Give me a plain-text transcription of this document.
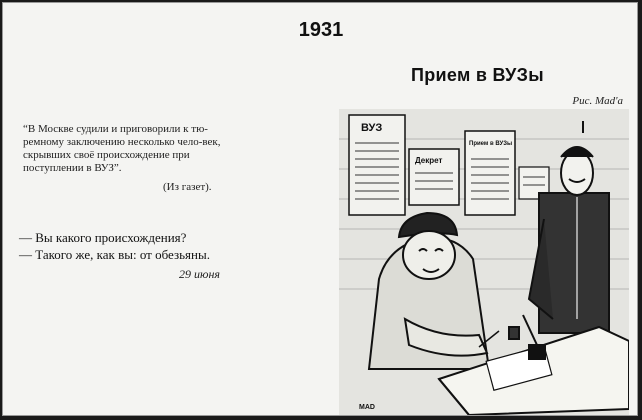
1931
Прием в ВУЗы
Рис. Mad'a

“В Москве судили и приговорили к тю-ремному заключению несколько чело-век, скрывших своё происхождение при поступлении в ВУЗ”.

(Из газет).
— Вы какого происхождения?
— Такого же, как вы: от обезьяны.
29 июня
ВУЗ
Декрет
Прием в ВУЗы
MAD
